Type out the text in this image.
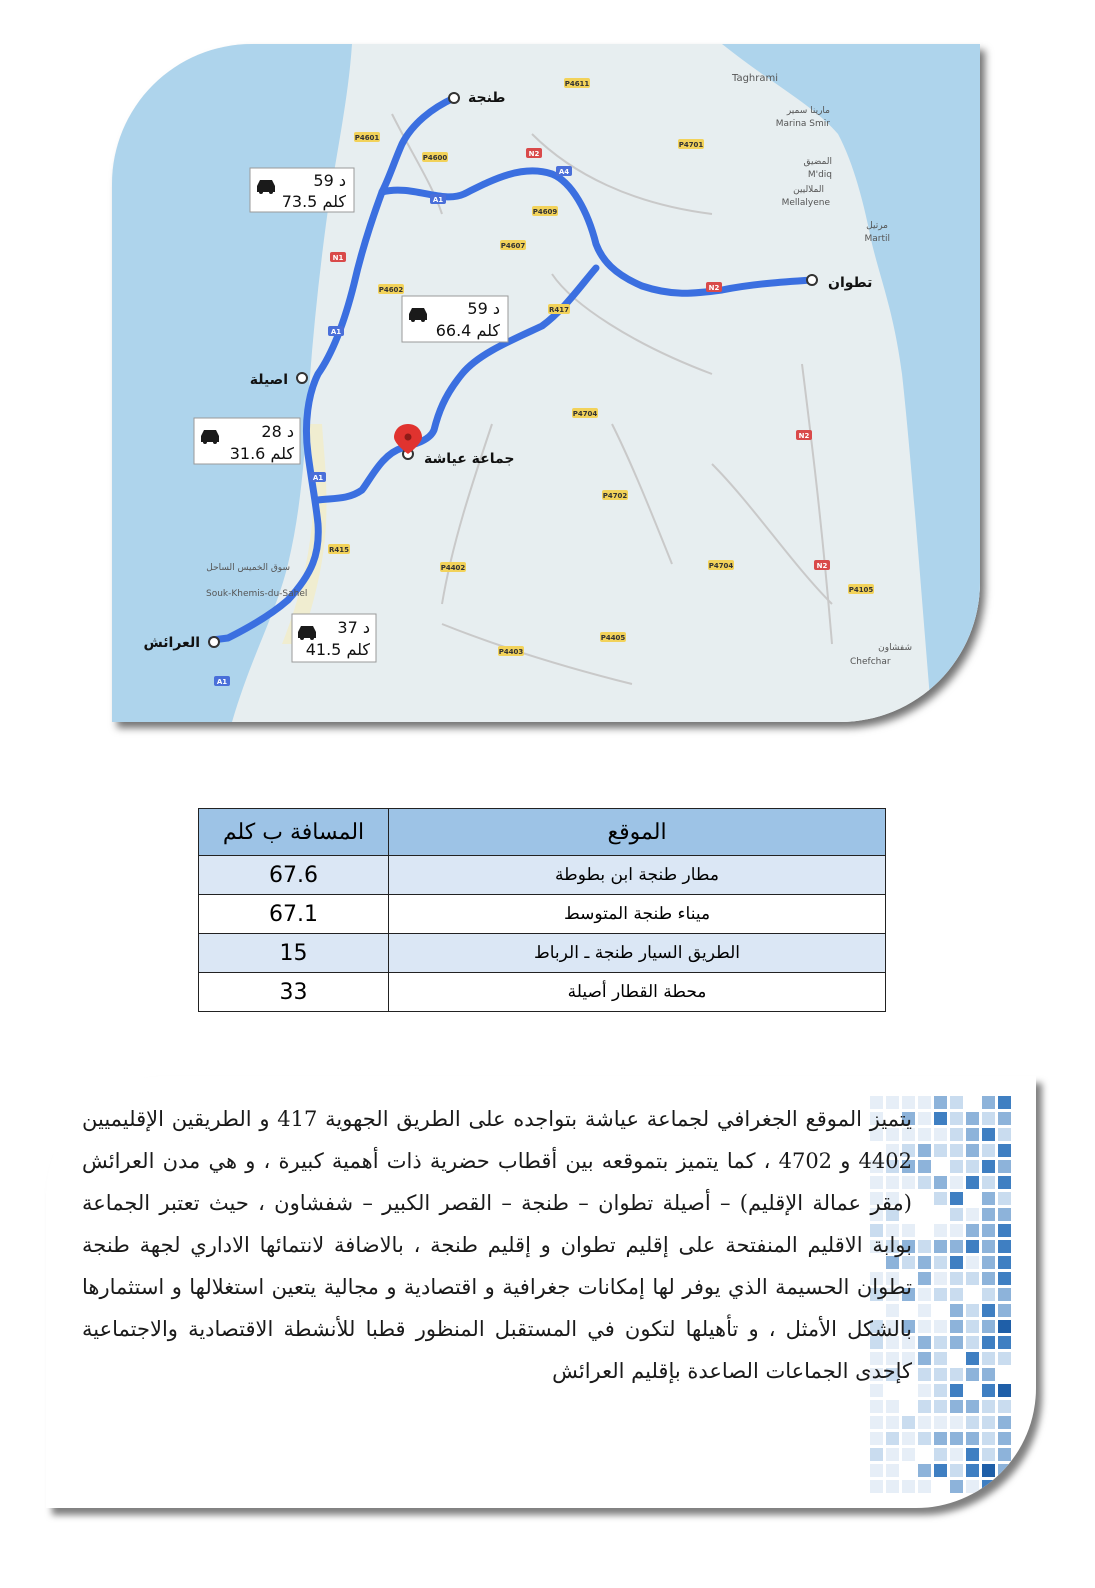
P4611
P4601
P4600	N2
P4701
A4
A1
P4609
P4607
N1
P4602
R417
N2
A1
P4704
N2
A1
P4702
R415
P4402	P4704	N2
P4105
P4405
P4403
A1
Taghrami
مارينا سمير
Marina Smir
المضيق
M'diq
الملاليين
Mellalyene
مرتيل
Martil
سوق الخميس الساحل
Souk-Khemis-du-Sahel
شفشاون
Chefchar
طنجة
تطوان
اصيلة
جماعة عياشة
العرائش
59 د
73.5 كلم
59 د
66.4 كلم
28 د
31.6 كلم
37 د
41.5 كلم
الموقع	المسافة ب كلم
مطار طنجة ابن بطوطة	67.6
ميناء طنجة المتوسط	67.1
الطريق السيار طنجة ـ الرباط	15
محطة القطار أصيلة	33

يتميز الموقع الجغرافي لجماعة عياشة بتواجده على الطريق الجهوية 417 و الطريقين الإقليميين 4402 و 4702 ، كما يتميز بتموقعه بين أقطاب حضرية ذات أهمية كبيرة ، و هي مدن العرائش (مقر عمالة الإقليم) – أصيلة تطوان – طنجة – القصر الكبير – شفشاون ، حيث تعتبر الجماعة بوابة الاقليم المنفتحة على إقليم تطوان و إقليم طنجة ، بالاضافة لانتمائها الاداري لجهة طنجة تطوان الحسيمة الذي يوفر لها إمكانات جغرافية و اقتصادية و مجالية يتعين استغلالها و استثمارها بالشكل الأمثل ، و تأهيلها لتكون في المستقبل المنظور قطبا للأنشطة الاقتصادية والاجتماعية كإحدى الجماعات الصاعدة بإقليم العرائش
